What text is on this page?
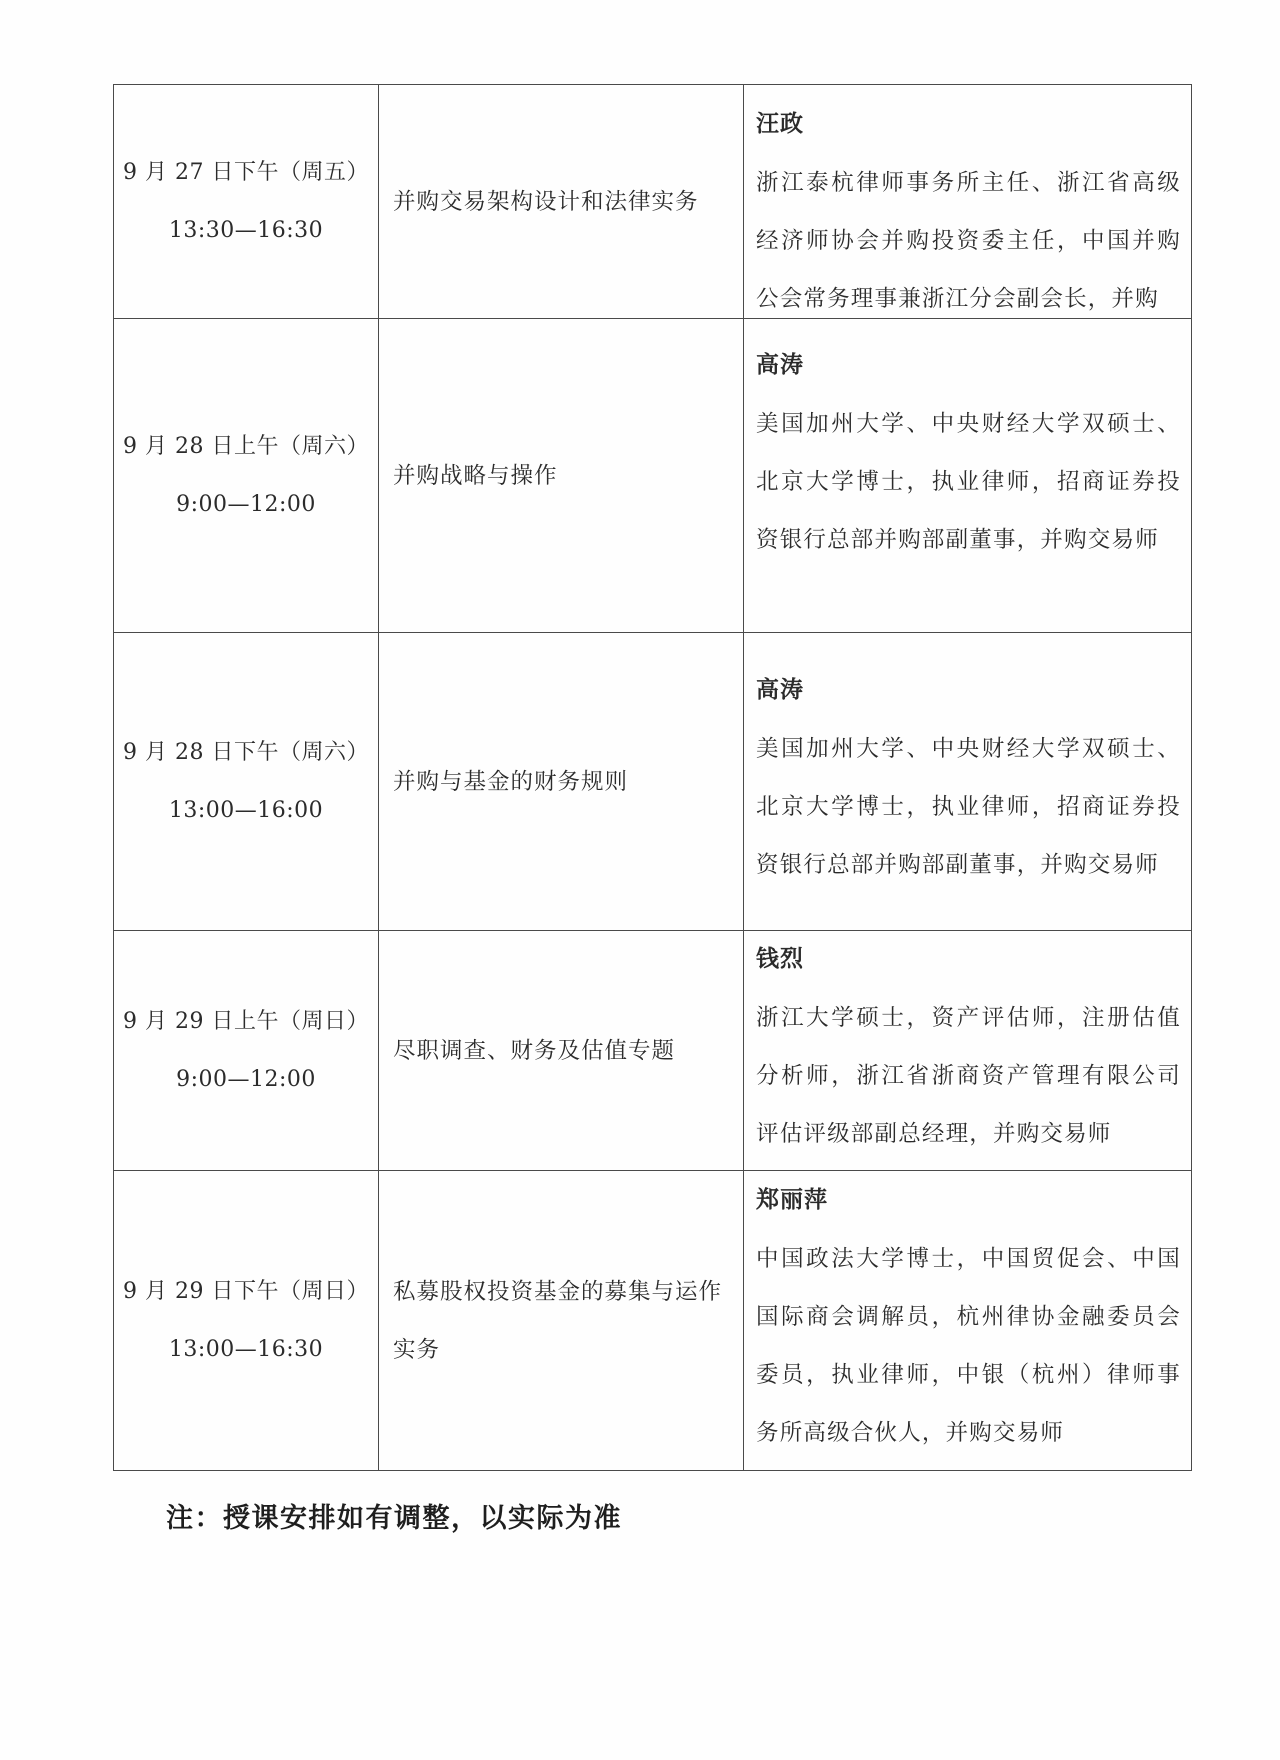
9 月 27 日下午（周五）
13:30—16:30	并购交易架构设计和法律实务	汪政
浙江泰杭律师事务所主任、浙江省高级经济师协会并购投资委主任，中国并购公会常务理事兼浙江分会副会长，并购

9 月 28 日上午（周六）
9:00—12:00	并购战略与操作	高涛
美国加州大学、中央财经大学双硕士、北京大学博士，执业律师，招商证券投资银行总部并购部副董事，并购交易师

9 月 28 日下午（周六）
13:00—16:00	并购与基金的财务规则	高涛
美国加州大学、中央财经大学双硕士、北京大学博士，执业律师，招商证券投资银行总部并购部副董事，并购交易师

9 月 29 日上午（周日）
9:00—12:00	尽职调查、财务及估值专题	钱烈
浙江大学硕士，资产评估师，注册估值分析师，浙江省浙商资产管理有限公司评估评级部副总经理，并购交易师

9 月 29 日下午（周日）
13:00—16:30	私募股权投资基金的募集与运作实务	郑丽萍
中国政法大学博士，中国贸促会、中国国际商会调解员，杭州律协金融委员会委员，执业律师，中银（杭州）律师事务所高级合伙人，并购交易师
注：授课安排如有调整，以实际为准
